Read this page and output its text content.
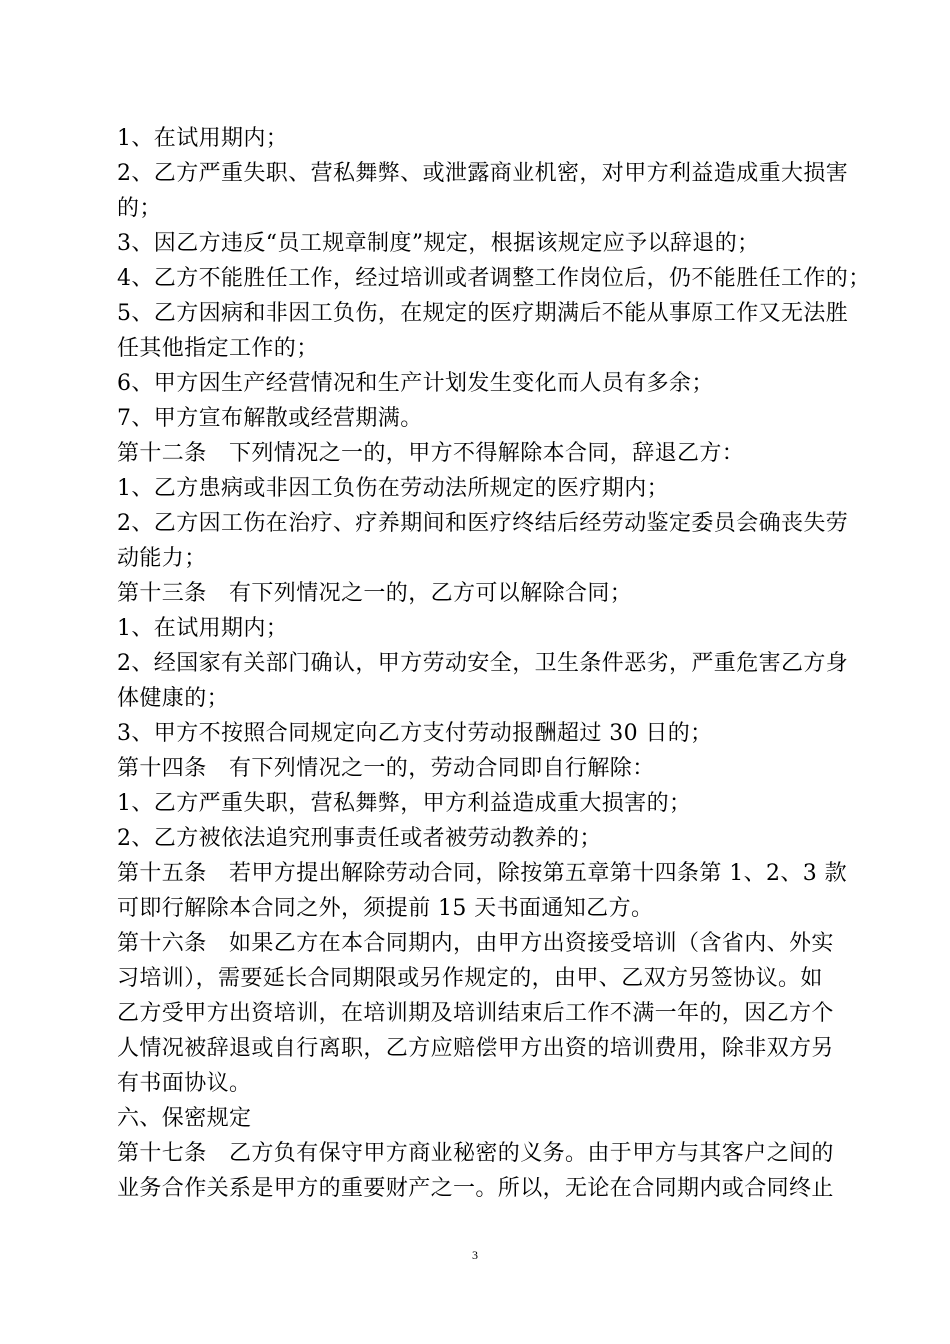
1、在试用期内；
2、乙方严重失职、营私舞弊、或泄露商业机密，对甲方利益造成重大损害
的；
3、因乙方违反“员工规章制度”规定，根据该规定应予以辞退的；
4、乙方不能胜任工作，经过培训或者调整工作岗位后，仍不能胜任工作的；
5、乙方因病和非因工负伤，在规定的医疗期满后不能从事原工作又无法胜
任其他指定工作的；
6、甲方因生产经营情况和生产计划发生变化而人员有多余；
7、甲方宣布解散或经营期满。
第十二条　下列情况之一的，甲方不得解除本合同，辞退乙方：
1、乙方患病或非因工负伤在劳动法所规定的医疗期内；
2、乙方因工伤在治疗、疗养期间和医疗终结后经劳动鉴定委员会确丧失劳
动能力；
第十三条　有下列情况之一的，乙方可以解除合同；
1、在试用期内；
2、经国家有关部门确认，甲方劳动安全，卫生条件恶劣，严重危害乙方身
体健康的；
3、甲方不按照合同规定向乙方支付劳动报酬超过 30 日的；
第十四条　有下列情况之一的，劳动合同即自行解除：
1、乙方严重失职，营私舞弊，甲方利益造成重大损害的；
2、乙方被依法追究刑事责任或者被劳动教养的；
第十五条　若甲方提出解除劳动合同，除按第五章第十四条第 1、2、3 款
可即行解除本合同之外，须提前 15 天书面通知乙方。
第十六条　如果乙方在本合同期内，由甲方出资接受培训（含省内、外实
习培训），需要延长合同期限或另作规定的，由甲、乙双方另签协议。如
乙方受甲方出资培训，在培训期及培训结束后工作不满一年的，因乙方个
人情况被辞退或自行离职，乙方应赔偿甲方出资的培训费用，除非双方另
有书面协议。
六、保密规定
第十七条　乙方负有保守甲方商业秘密的义务。由于甲方与其客户之间的
业务合作关系是甲方的重要财产之一。所以，无论在合同期内或合同终止
3
